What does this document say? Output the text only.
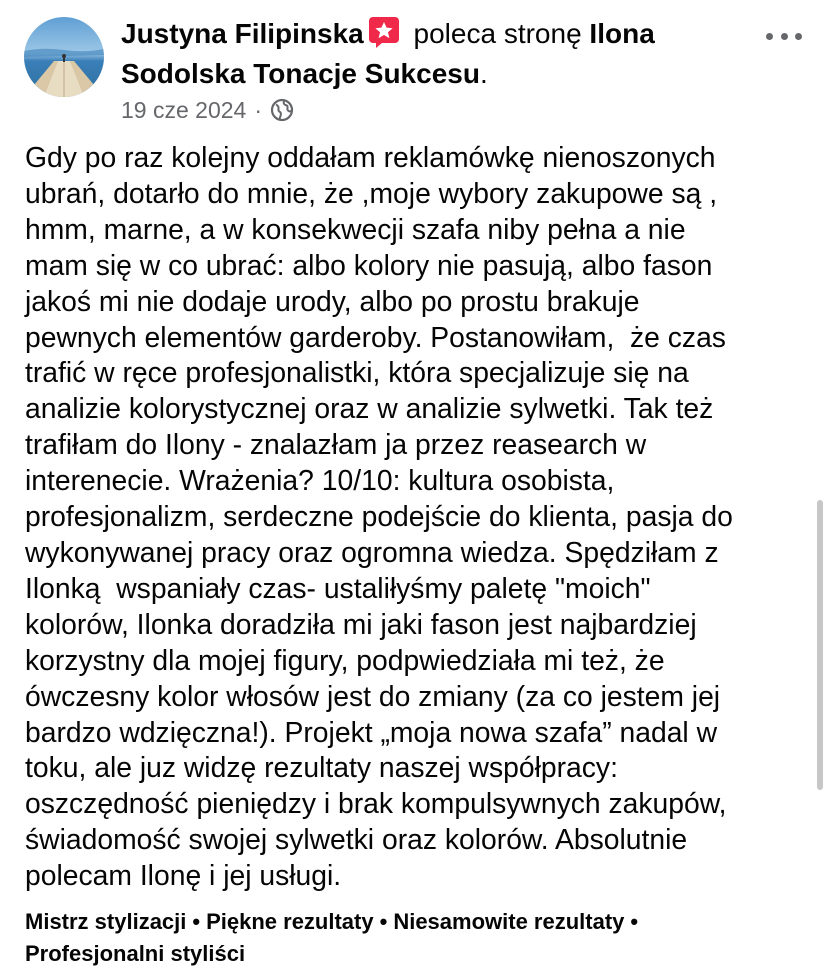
Justyna Filipinska poleca stronę Ilona Sodolska Tonacje Sukcesu.
19 cze 2024 ·
Gdy po raz kolejny oddałam reklamówkę nienoszonych
ubrań, dotarło do mnie, że ,moje wybory zakupowe są ,
hmm, marne, a w konsekwecji szafa niby pełna a nie
mam się w co ubrać: albo kolory nie pasują, albo fason
jakoś mi nie dodaje urody, albo po prostu brakuje
pewnych elementów garderoby. Postanowiłam,  że czas
trafić w ręce profesjonalistki, która specjalizuje się na
analizie kolorystycznej oraz w analizie sylwetki. Tak też
trafiłam do Ilony - znalazłam ja przez reasearch w
interenecie. Wrażenia? 10/10: kultura osobista,
profesjonalizm, serdeczne podejście do klienta, pasja do
wykonywanej pracy oraz ogromna wiedza. Spędziłam z
Ilonką  wspaniały czas- ustaliłyśmy paletę "moich"
kolorów, Ilonka doradziła mi jaki fason jest najbardziej
korzystny dla mojej figury, podpwiedziała mi też, że
ówczesny kolor włosów jest do zmiany (za co jestem jej
bardzo wdzięczna!). Projekt „moja nowa szafa” nadal w
toku, ale juz widzę rezultaty naszej współpracy:
oszczędność pieniędzy i brak kompulsywnych zakupów,
świadomość swojej sylwetki oraz kolorów. Absolutnie
polecam Ilonę i jej usługi.
Mistrz stylizacji • Piękne rezultaty • Niesamowite rezultaty •
Profesjonalni styliści
